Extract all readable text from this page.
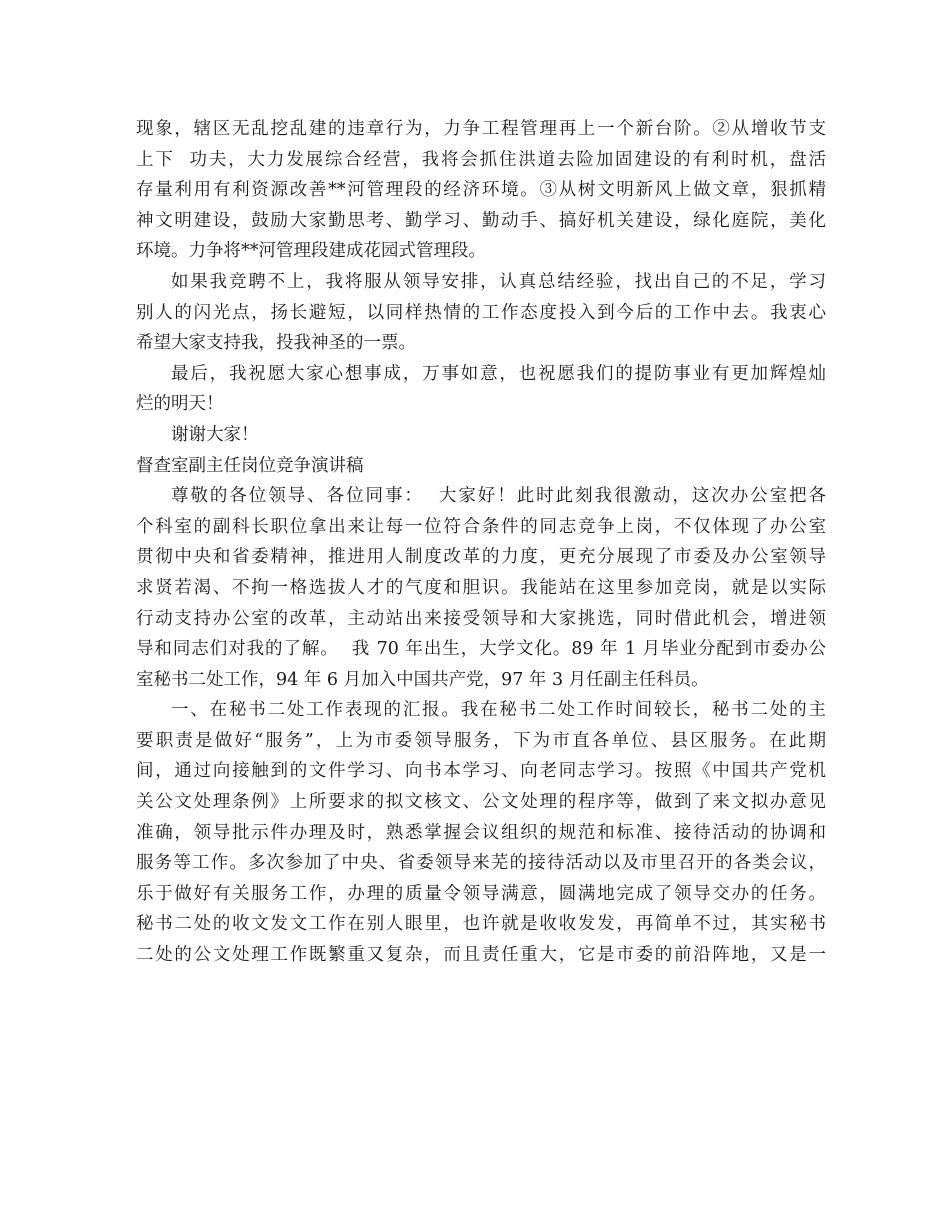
现象，辖区无乱挖乱建的违章行为，力争工程管理再上一个新台阶。②从增收节支
上下  功夫，大力发展综合经营，我将会抓住洪道去险加固建设的有利时机，盘活
存量利用有利资源改善**河管理段的经济环境。③从树文明新风上做文章，狠抓精
神文明建设，鼓励大家勤思考、勤学习、勤动手、搞好机关建设，绿化庭院，美化
环境。力争将**河管理段建成花园式管理段。
如果我竞聘不上，我将服从领导安排，认真总结经验，找出自己的不足，学习
别人的闪光点，扬长避短，以同样热情的工作态度投入到今后的工作中去。我衷心
希望大家支持我，投我神圣的一票。
最后，我祝愿大家心想事成，万事如意，也祝愿我们的提防事业有更加辉煌灿
烂的明天！
谢谢大家！
督查室副主任岗位竞争演讲稿
尊敬的各位领导、各位同事：  大家好！此时此刻我很激动，这次办公室把各
个科室的副科长职位拿出来让每一位符合条件的同志竞争上岗，不仅体现了办公室
贯彻中央和省委精神，推进用人制度改革的力度，更充分展现了市委及办公室领导
求贤若渴、不拘一格选拔人才的气度和胆识。我能站在这里参加竞岗，就是以实际
行动支持办公室的改革，主动站出来接受领导和大家挑选，同时借此机会，增进领
导和同志们对我的了解。  我 70 年出生，大学文化。89 年 1 月毕业分配到市委办公
室秘书二处工作，94 年 6 月加入中国共产党，97 年 3 月任副主任科员。
一、在秘书二处工作表现的汇报。我在秘书二处工作时间较长，秘书二处的主
要职责是做好“服务”，上为市委领导服务，下为市直各单位、县区服务。在此期
间，通过向接触到的文件学习、向书本学习、向老同志学习。按照《中国共产党机
关公文处理条例》上所要求的拟文核文、公文处理的程序等，做到了来文拟办意见
准确，领导批示件办理及时，熟悉掌握会议组织的规范和标准、接待活动的协调和
服务等工作。多次参加了中央、省委领导来芜的接待活动以及市里召开的各类会议，
乐于做好有关服务工作，办理的质量令领导满意，圆满地完成了领导交办的任务。
秘书二处的收文发文工作在别人眼里，也许就是收收发发，再简单不过，其实秘书
二处的公文处理工作既繁重又复杂，而且责任重大，它是市委的前沿阵地，又是一
